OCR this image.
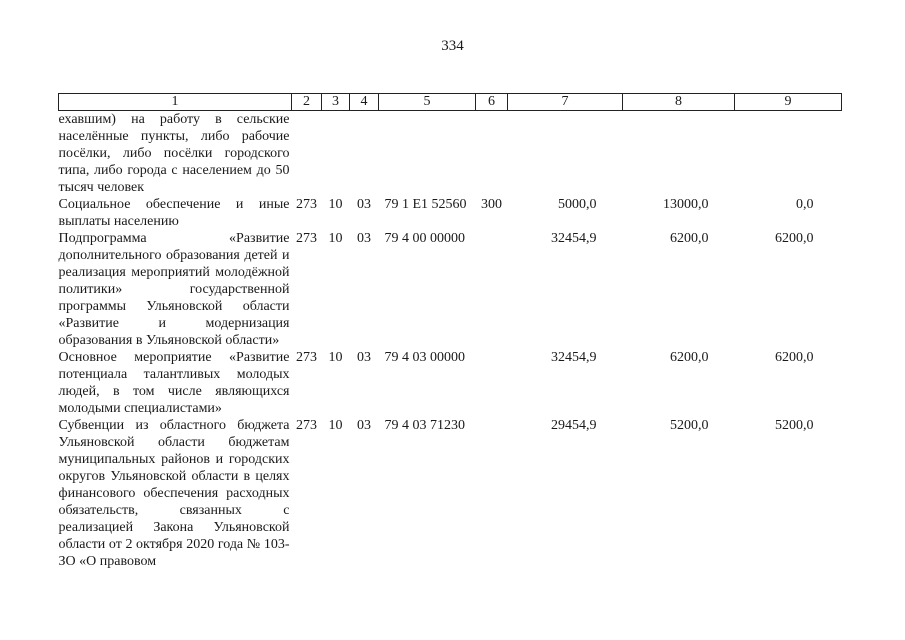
334
1	2	3	4	5	6	7	8	9
ехавшим) на работу в сельские населённые пункты, либо рабочие посёлки, либо посёлки городского типа, либо города с населением до 50 тысяч человек								
Социальное обеспечение и иные выплаты населению	273	10	03	79 1 Е1 52560	300	5000,0	13000,0	0,0
Подпрограмма «Развитие дополнительного образования детей и реализация мероприятий молодёжной политики» государственной программы Ульяновской области «Развитие и модернизация образования в Ульяновской области»	273	10	03	79 4 00 00000		32454,9	6200,0	6200,0
Основное мероприятие «Развитие потенциала талантливых молодых людей, в том числе являющихся молодыми специалистами»	273	10	03	79 4 03 00000		32454,9	6200,0	6200,0
Субвенции из областного бюджета Ульяновской области бюджетам муниципальных районов и городских округов Ульяновской области в целях финансового обеспечения расходных обязательств, связанных с реализацией Закона Ульяновской области от 2 октября 2020 года № 103-ЗО «О правовом	273	10	03	79 4 03 71230		29454,9	5200,0	5200,0
